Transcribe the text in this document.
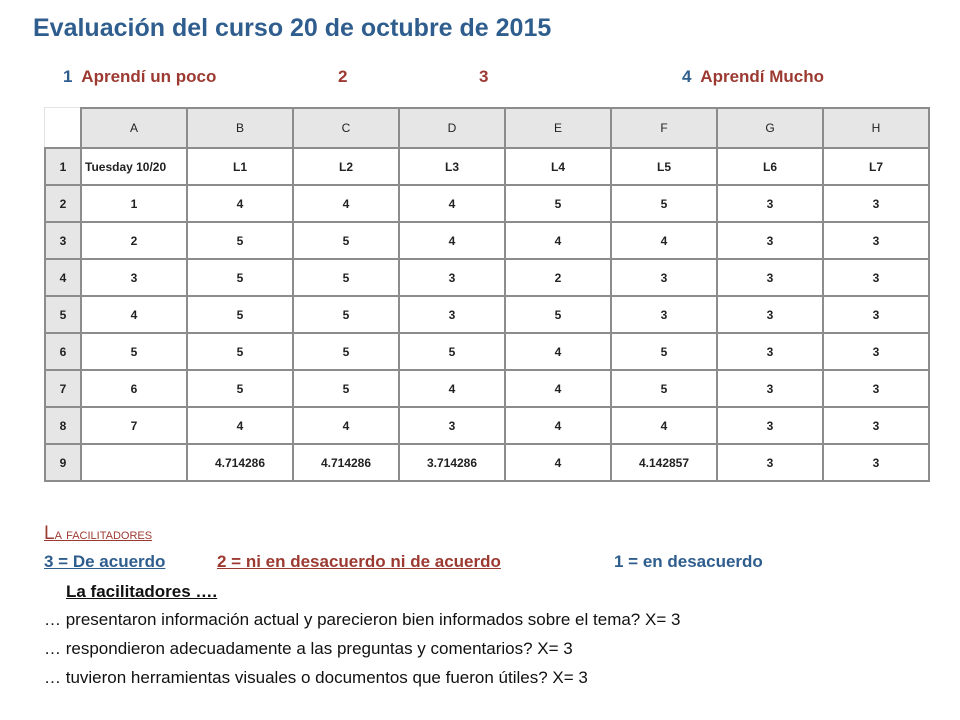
Evaluación del curso 20 de octubre de 2015
1 Aprendí un poco	2	3	4 Aprendí Mucho
	A	B	C	D	E	F	G	H
1	Tuesday 10/20	L1	L2	L3	L4	L5	L6	L7
2	1	4	4	4	5	5	3	3
3	2	5	5	4	4	4	3	3
4	3	5	5	3	2	3	3	3
5	4	5	5	3	5	3	3	3
6	5	5	5	5	4	5	3	3
7	6	5	5	4	4	5	3	3
8	7	4	4	3	4	4	3	3
9		4.714286	4.714286	3.714286	4	4.142857	3	3
La facilitadores
3 = De acuerdo	2 = ni en desacuerdo ni de acuerdo	1 = en desacuerdo
La facilitadores ….
… presentaron información actual y parecieron bien informados sobre el tema? X= 3
… respondieron adecuadamente a las preguntas y comentarios? X= 3
… tuvieron herramientas visuales o documentos que fueron útiles? X= 3
